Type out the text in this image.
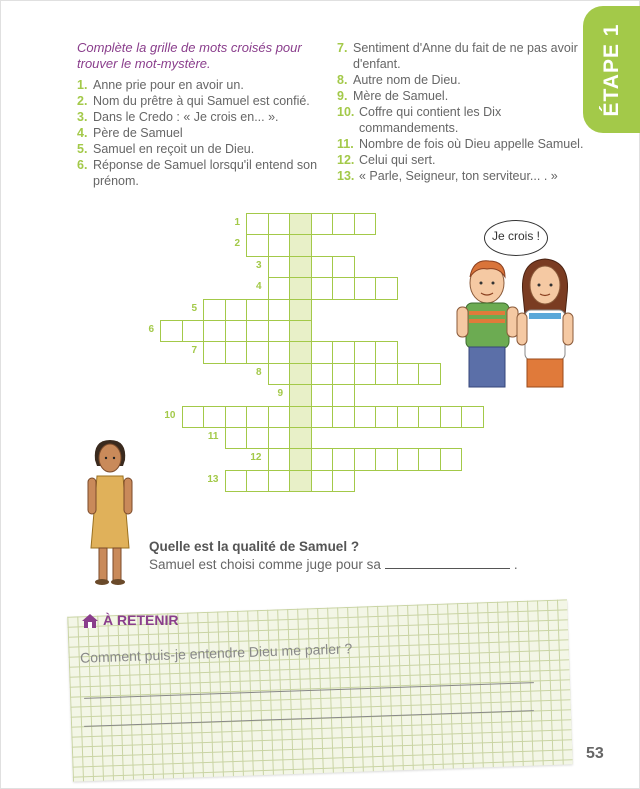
ÉTAPE 1
Complète la grille de mots croisés pour trouver le mot-mystère.
1. Anne prie pour en avoir un.
2. Nom du prêtre à qui Samuel est confié.
3. Dans le Credo : « Je crois en... ».
4. Père de Samuel
5. Samuel en reçoit un de Dieu.
6. Réponse de Samuel lorsqu'il entend son prénom.
7. Sentiment d'Anne du fait de ne pas avoir d'enfant.
8. Autre nom de Dieu.
9. Mère de Samuel.
10. Coffre qui contient les Dix commandements.
11. Nombre de fois où Dieu appelle Samuel.
12. Celui qui sert.
13. « Parle, Seigneur, ton serviteur... . »
1
2
3
4
5
6
7
8
9
10
11
12
13
Je crois !
Quelle est la qualité de Samuel ?
Samuel est choisi comme juge pour sa	.
À RETENIR
Comment puis-je entendre Dieu me parler ?
53
